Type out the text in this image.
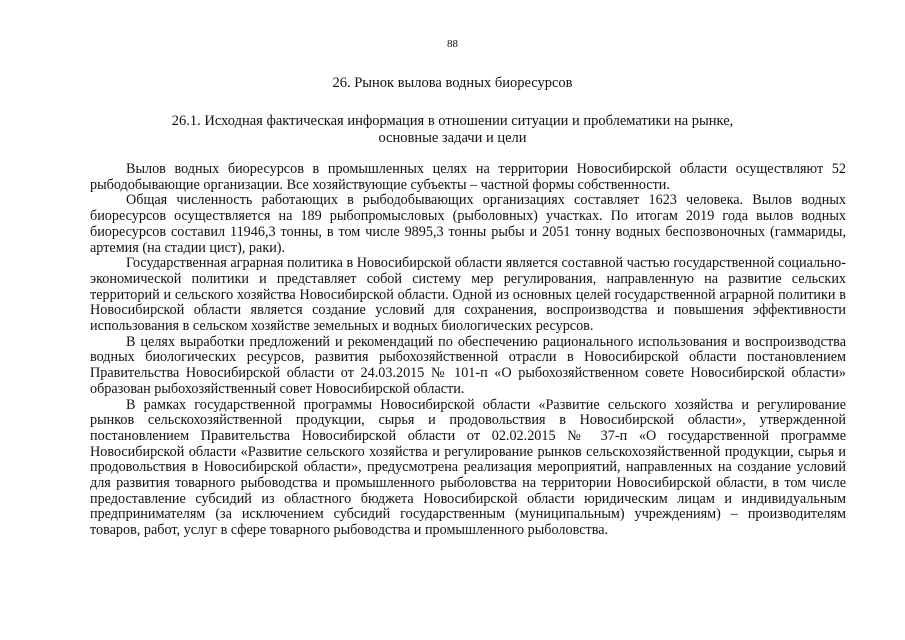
88
26. Рынок вылова водных биоресурсов
26.1. Исходная фактическая информация в отношении ситуации и проблематики на рынке,
основные задачи и цели

Вылов водных биоресурсов в промышленных целях на территории Новосибирской области осуществляют 52 рыбодобывающие организации. Все хозяйствующие субъекты – частной формы собственности.

Общая численность работающих в рыбодобывающих организациях составляет 1623 человека. Вылов водных биоресурсов осуществляется на 189 рыбопромысловых (рыболовных) участках. По итогам 2019 года вылов водных биоресурсов составил 11946,3 тонны, в том числе 9895,3 тонны рыбы и 2051 тонну водных беспозвоночных (гаммариды, артемия (на стадии цист), раки).

Государственная аграрная политика в Новосибирской области является составной частью государственной социально-экономической политики и представляет собой систему мер регулирования, направленную на развитие сельских территорий и сельского хозяйства Новосибирской области. Одной из основных целей государственной аграрной политики в Новосибирской области является создание условий для сохранения, воспроизводства и повышения эффективности использования в сельском хозяйстве земельных и водных биологических ресурсов.

В целях выработки предложений и рекомендаций по обеспечению рационального использования и воспроизводства водных биологических ресурсов, развития рыбохозяйственной отрасли в Новосибирской области постановлением Правительства Новосибирской области от 24.03.2015 № 101-п «О рыбохозяйственном совете Новосибирской области» образован рыбохозяйственный совет Новосибирской области.

В рамках государственной программы Новосибирской области «Развитие сельского хозяйства и регулирование рынков сельскохозяйственной продукции, сырья и продовольствия в Новосибирской области», утвержденной постановлением Правительства Новосибирской области от 02.02.2015 № 37-п «О государственной программе Новосибирской области «Развитие сельского хозяйства и регулирование рынков сельскохозяйственной продукции, сырья и продовольствия в Новосибирской области», предусмотрена реализация мероприятий, направленных на создание условий для развития товарного рыбоводства и промышленного рыболовства на территории Новосибирской области, в том числе предоставление субсидий из областного бюджета Новосибирской области юридическим лицам и индивидуальным предпринимателям (за исключением субсидий государственным (муниципальным) учреждениям) – производителям товаров, работ, услуг в сфере товарного рыбоводства и промышленного рыболовства.
